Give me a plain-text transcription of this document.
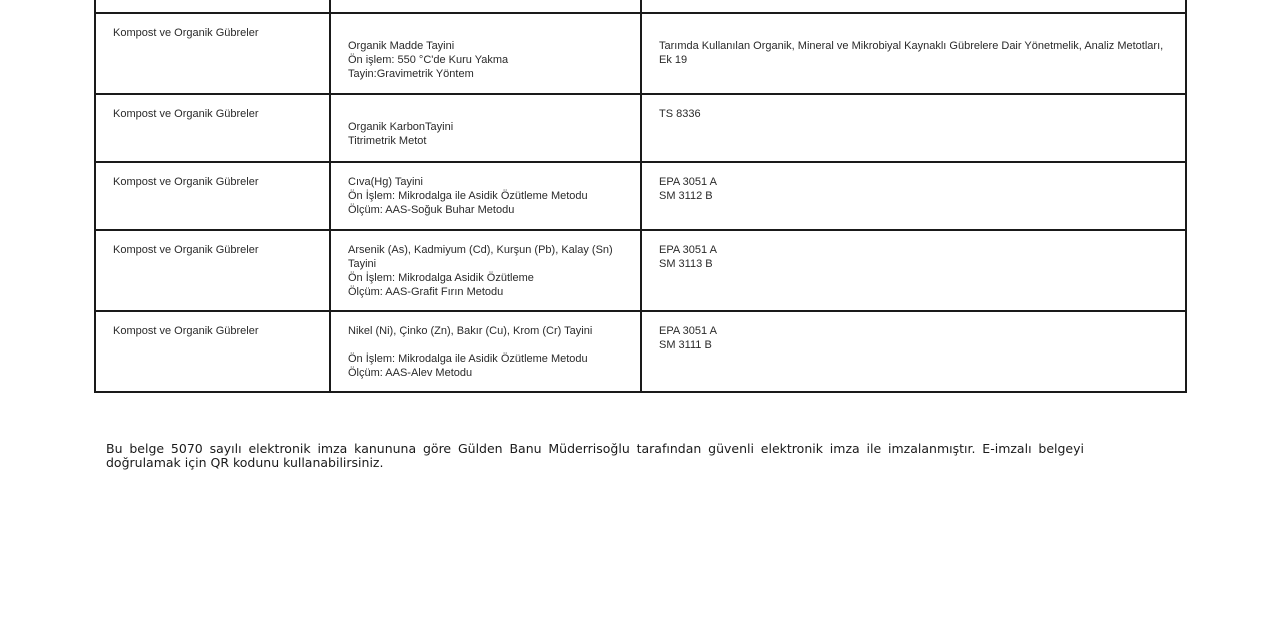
Kompost ve Organik Gübreler	Organik Madde Tayini
Ön işlem: 550 °C'de Kuru Yakma
Tayin:Gravimetrik Yöntem	Tarımda Kullanılan Organik, Mineral ve Mikrobiyal Kaynaklı Gübrelere Dair Yönetmelik, Analiz Metotları, Ek 19

Kompost ve Organik Gübreler	Organik KarbonTayini
Titrimetrik Metot	TS 8336

Kompost ve Organik Gübreler	Cıva(Hg) Tayini
Ön İşlem: Mikrodalga ile Asidik Özütleme Metodu
Ölçüm: AAS-Soğuk Buhar Metodu	EPA 3051 A
SM 3112 B

Kompost ve Organik Gübreler	Arsenik (As), Kadmiyum (Cd), Kurşun (Pb), Kalay (Sn) Tayini
Ön İşlem: Mikrodalga Asidik Özütleme
Ölçüm: AAS-Grafit Fırın Metodu	EPA 3051 A
SM 3113 B

Kompost ve Organik Gübreler	Nikel (Ni), Çinko (Zn), Bakır (Cu), Krom (Cr) Tayini
Ön İşlem: Mikrodalga ile Asidik Özütleme Metodu
Ölçüm: AAS-Alev Metodu	EPA 3051 A
SM 3111 B

Bu belge 5070 sayılı elektronik imza kanununa göre Gülden Banu Müderrisoğlu tarafından güvenli elektronik imza ile imzalanmıştır. E-imzalı belgeyi doğrulamak için QR kodunu kullanabilirsiniz.
